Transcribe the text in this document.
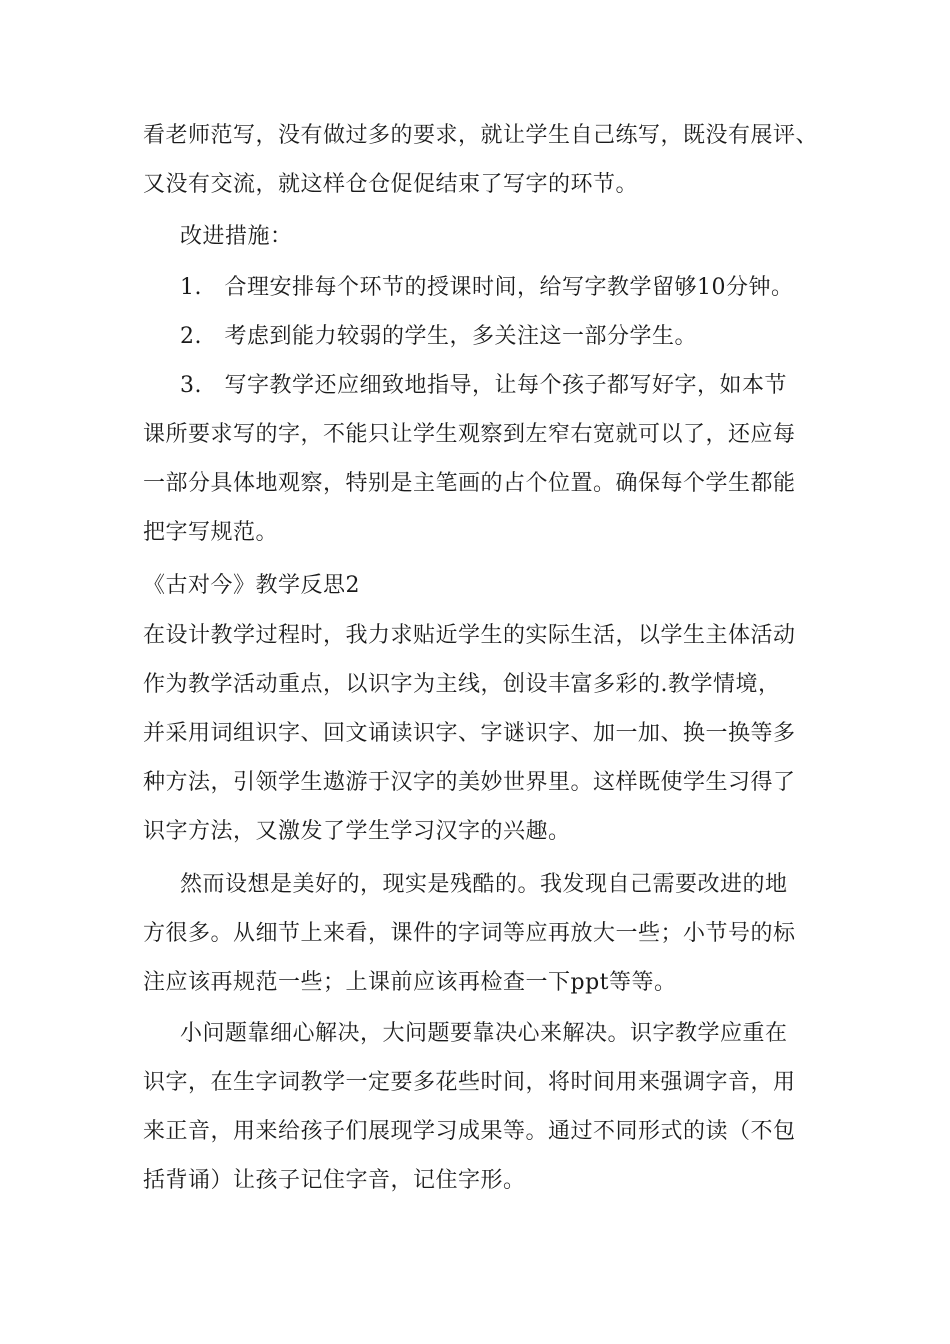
看老师范写，没有做过多的要求，就让学生自己练写，既没有展评、
又没有交流，就这样仓仓促促结束了写字的环节。
改进措施：
1.　合理安排每个环节的授课时间，给写字教学留够10分钟。
2.　考虑到能力较弱的学生，多关注这一部分学生。
3.　写字教学还应细致地指导，让每个孩子都写好字，如本节
课所要求写的字，不能只让学生观察到左窄右宽就可以了，还应每
一部分具体地观察，特别是主笔画的占个位置。确保每个学生都能
把字写规范。
《古对今》教学反思2
在设计教学过程时，我力求贴近学生的实际生活，以学生主体活动
作为教学活动重点，以识字为主线，创设丰富多彩的.教学情境，
并采用词组识字、回文诵读识字、字谜识字、加一加、换一换等多
种方法，引领学生遨游于汉字的美妙世界里。这样既使学生习得了
识字方法，又激发了学生学习汉字的兴趣。
然而设想是美好的，现实是残酷的。我发现自己需要改进的地
方很多。从细节上来看，课件的字词等应再放大一些；小节号的标
注应该再规范一些；上课前应该再检查一下ppt等等。
小问题靠细心解决，大问题要靠决心来解决。识字教学应重在
识字，在生字词教学一定要多花些时间，将时间用来强调字音，用
来正音，用来给孩子们展现学习成果等。通过不同形式的读（不包
括背诵）让孩子记住字音，记住字形。
